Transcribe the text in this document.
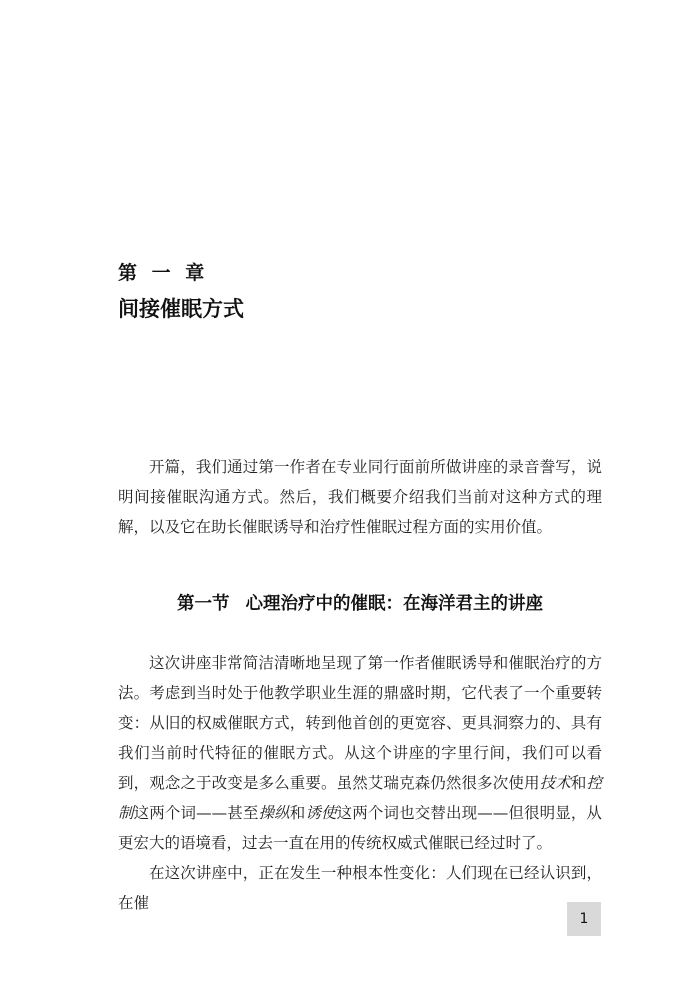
第 一 章
间接催眠方式

开篇，我们通过第一作者在专业同行面前所做讲座的录音誊写，说明间接催眠沟通方式。然后，我们概要介绍我们当前对这种方式的理解，以及它在助长催眠诱导和治疗性催眠过程方面的实用价值。

第一节 心理治疗中的催眠：在海洋君主的讲座

这次讲座非常简洁清晰地呈现了第一作者催眠诱导和催眠治疗的方法。考虑到当时处于他教学职业生涯的鼎盛时期，它代表了一个重要转变：从旧的权威催眠方式，转到他首创的更宽容、更具洞察力的、具有我们当前时代特征的催眠方式。从这个讲座的字里行间，我们可以看到，观念之于改变是多么重要。虽然艾瑞克森仍然很多次使用技术和控制这两个词——甚至操纵和诱使这两个词也交替出现——但很明显，从更宏大的语境看，过去一直在用的传统权威式催眠已经过时了。

在这次讲座中，正在发生一种根本性变化：人们现在已经认识到，在催

1
